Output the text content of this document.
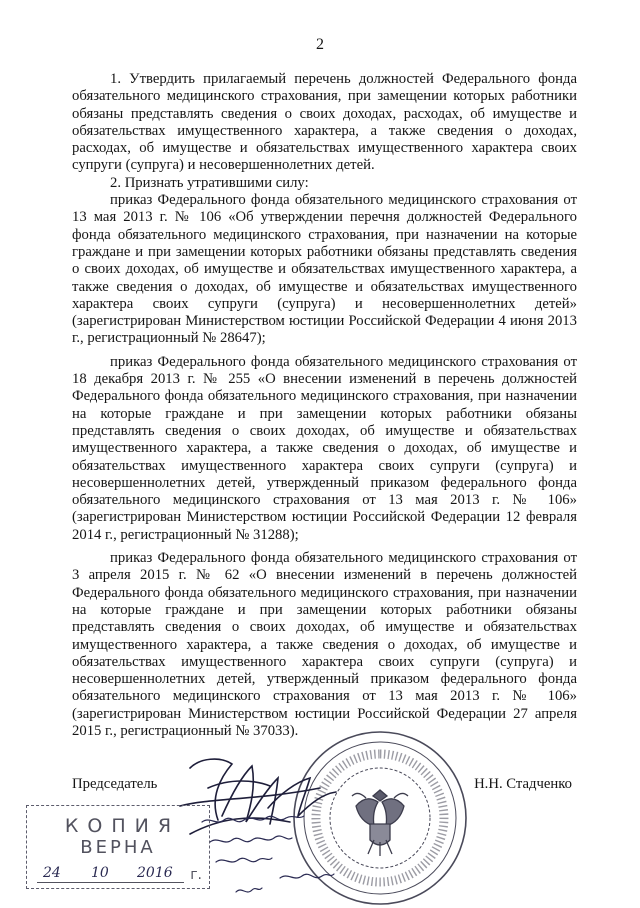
2

1. Утвердить прилагаемый перечень должностей Федерального фонда обязательного медицинского страхования, при замещении которых работники обязаны представлять сведения о своих доходах, расходах, об имуществе и обязательствах имущественного характера, а также сведения о доходах, расходах, об имуществе и обязательствах имущественного характера своих супруги (супруга) и несовершеннолетних детей.

2. Признать утратившими силу:

приказ Федерального фонда обязательного медицинского страхования от 13 мая 2013 г. № 106 «Об утверждении перечня должностей Федерального фонда обязательного медицинского страхования, при назначении на которые граждане и при замещении которых работники обязаны представлять сведения о своих доходах, об имуществе и обязательствах имущественного характера, а также сведения о доходах, об имуществе и обязательствах имущественного характера своих супруги (супруга) и несовершеннолетних детей» (зарегистрирован Министерством юстиции Российской Федерации 4 июня 2013 г., регистрационный № 28647);

приказ Федерального фонда обязательного медицинского страхования от 18 декабря 2013 г. № 255 «О внесении изменений в перечень должностей Федерального фонда обязательного медицинского страхования, при назначении на которые граждане и при замещении которых работники обязаны представлять сведения о своих доходах, об имуществе и обязательствах имущественного характера, а также сведения о доходах, об имуществе и обязательствах имущественного характера своих супруги (супруга) и несовершеннолетних детей, утвержденный приказом федерального фонда обязательного медицинского страхования от 13 мая 2013 г. № 106» (зарегистрирован Министерством юстиции Российской Федерации 12 февраля 2014 г., регистрационный № 31288);

приказ Федерального фонда обязательного медицинского страхования от 3 апреля 2015 г. № 62 «О внесении изменений в перечень должностей Федерального фонда обязательного медицинского страхования, при назначении на которые граждане и при замещении которых работники обязаны представлять сведения о своих доходах, об имуществе и обязательствах имущественного характера, а также сведения о доходах, об имуществе и обязательствах имущественного характера своих супруги (супруга) и несовершеннолетних детей, утвержденный приказом федерального фонда обязательного медицинского страхования от 13 мая 2013 г. № 106» (зарегистрирован Министерством юстиции Российской Федерации 27 апреля 2015 г., регистрационный № 37033).

Председатель	Н.Н. Стадченко
КОПИЯ
ВЕРНА
24 10 2016 г.
